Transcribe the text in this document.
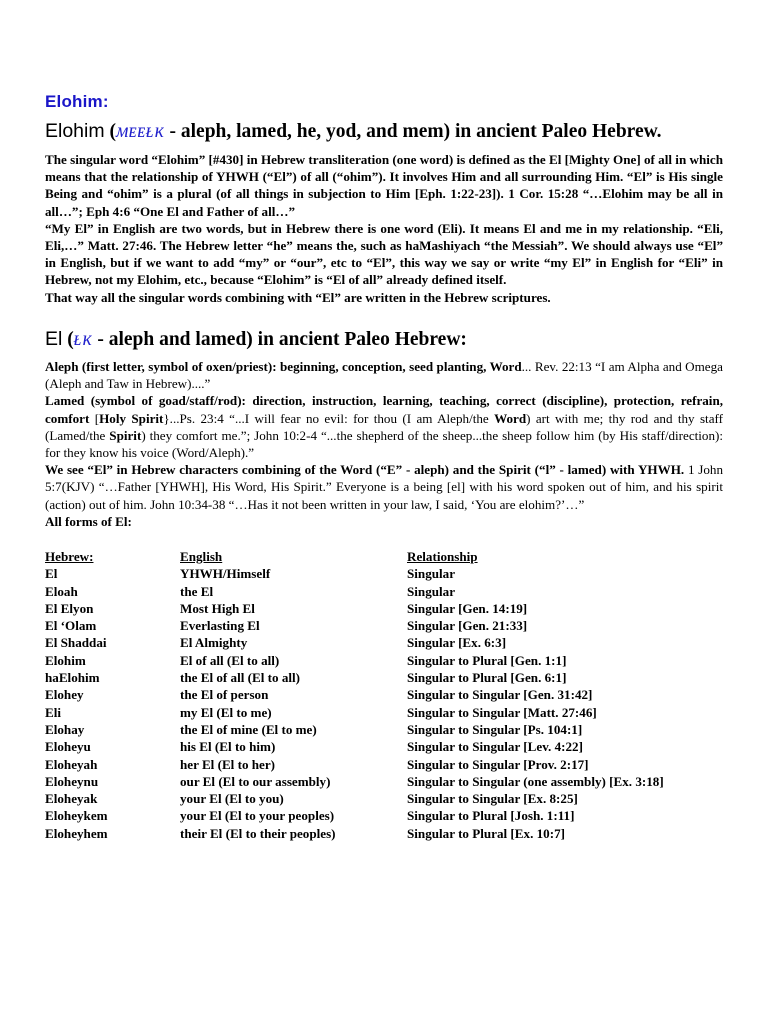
Elohim:
Elohim (ᴍᴇᴇᴌᴋ - aleph, lamed, he, yod, and mem) in ancient Paleo Hebrew.
The singular word “Elohim” [#430] in Hebrew transliteration (one word) is defined as the El [Mighty One] of all in which means that the relationship of YHWH (“El”) of all (“ohim”). It involves Him and all surrounding Him. “El” is His single Being and “ohim” is a plural (of all things in subjection to Him [Eph. 1:22-23]). 1 Cor. 15:28 “…Elohim may be all in all…”; Eph 4:6 “One El and Father of all…”
“My El” in English are two words, but in Hebrew there is one word (Eli). It means El and me in my relationship. “Eli, Eli,…” Matt. 27:46. The Hebrew letter “he” means the, such as haMashiyach “the Messiah”. We should always use “El” in English, but if we want to add “my” or “our”, etc to “El”, this way we say or write “my El” in English for “Eli” in Hebrew, not my Elohim, etc., because “Elohim” is “El of all” already defined itself.
That way all the singular words combining with “El” are written in the Hebrew scriptures.
El (ᴌᴋ - aleph and lamed) in ancient Paleo Hebrew:
Aleph (first letter, symbol of oxen/priest): beginning, conception, seed planting, Word... Rev. 22:13 “I am Alpha and Omega (Aleph and Taw in Hebrew)....”
Lamed (symbol of goad/staff/rod): direction, instruction, learning, teaching, correct (discipline), protection, refrain, comfort [Holy Spirit}...Ps. 23:4 “...I will fear no evil: for thou (I am Aleph/the Word) art with me; thy rod and thy staff (Lamed/the Spirit) they comfort me.”; John 10:2-4 “...the shepherd of the sheep...the sheep follow him (by His staff/direction): for they know his voice (Word/Aleph).”
We see “El” in Hebrew characters combining of the Word (“E” - aleph) and the Spirit (“l” - lamed) with YHWH. 1 John 5:7(KJV) “…Father [YHWH], His Word, His Spirit.” Everyone is a being [el] with his word spoken out of him, and his spirit (action) out of him. John 10:34-38 “…Has it not been written in your law, I said, ‘You are elohim?’…”
All forms of El:
Hebrew:	English	Relationship
El	YHWH/Himself	Singular
Eloah	the El	Singular
El Elyon	Most High El	Singular [Gen. 14:19]
El ‘Olam	Everlasting El	Singular [Gen. 21:33]
El Shaddai	El Almighty	Singular [Ex. 6:3]
Elohim	El of all (El to all)	Singular to Plural [Gen. 1:1]
haElohim	the El of all (El to all)	Singular to Plural [Gen. 6:1]
Elohey	the El of person	Singular to Singular [Gen. 31:42]
Eli	my El (El to me)	Singular to Singular [Matt. 27:46]
Elohay	the El of mine (El to me)	Singular to Singular [Ps. 104:1]
Eloheyu	his El (El to him)	Singular to Singular [Lev. 4:22]
Eloheyah	her El (El to her)	Singular to Singular [Prov. 2:17]
Eloheynu	our El (El to our assembly)	Singular to Singular (one assembly) [Ex. 3:18]
Eloheyak	your El (El to you)	Singular to Singular [Ex. 8:25]
Eloheykem	your El (El to your peoples)	Singular to Plural [Josh. 1:11]
Eloheyhem	their El (El to their peoples)	Singular to Plural [Ex. 10:7]
